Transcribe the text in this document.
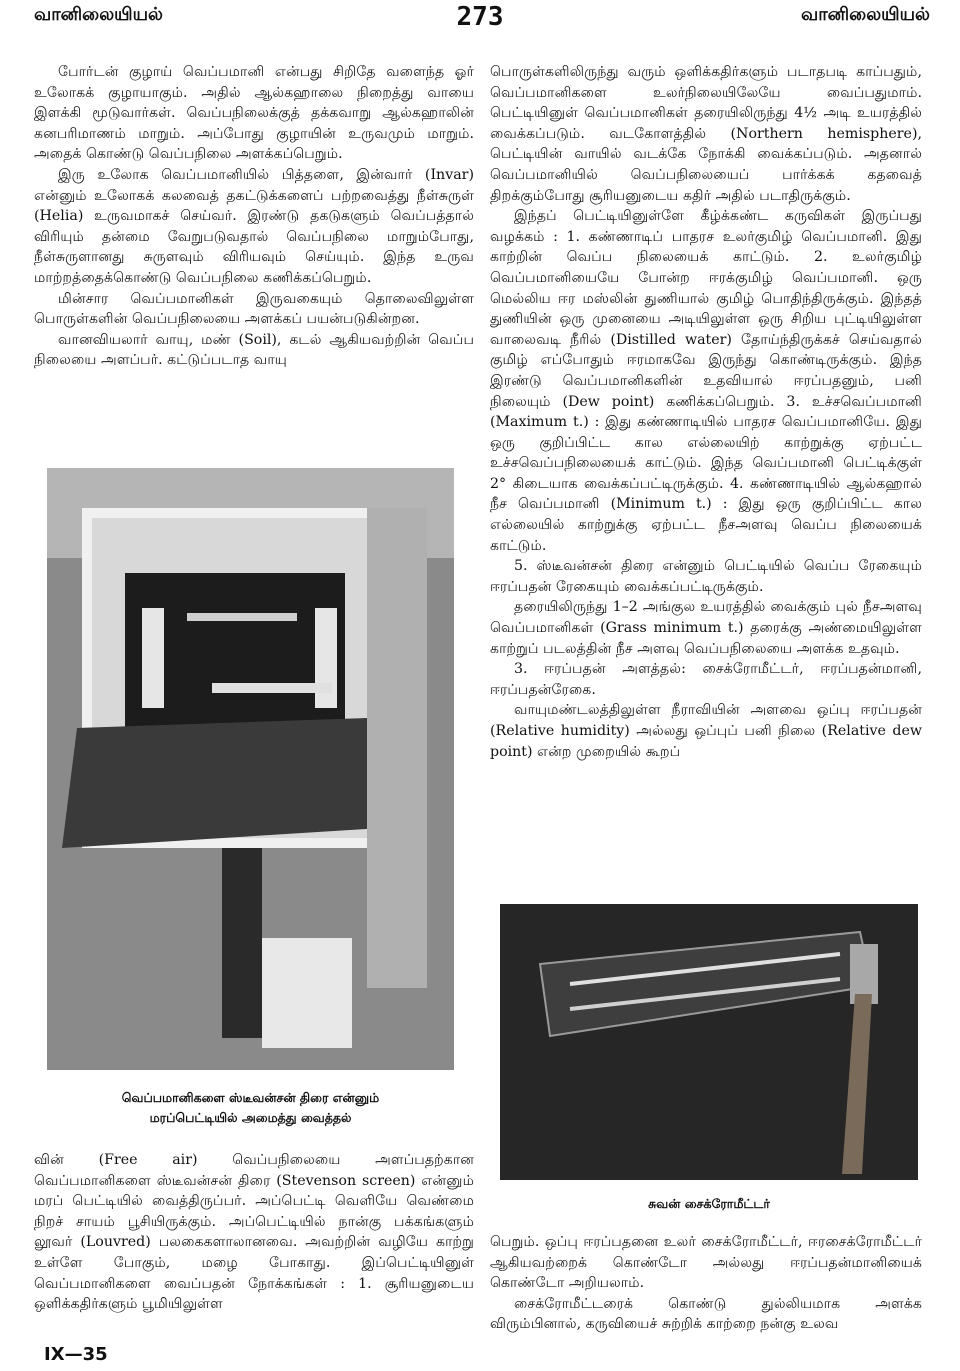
வானிலையியல்	273	வானிலையியல்

போர்டன் குழாய் வெப்பமானி என்பது சிறிதே வளைந்த ஓர் உலோகக் குழாயாகும். அதில் ஆல்கஹாலை நிறைத்து வாயை இளக்கி மூடுவார்கள். வெப்பநிலைக்குத் தக்கவாறு ஆல்கஹாலின் கனபரிமாணம் மாறும். அப்போது குழாயின் உருவமும் மாறும். அதைக் கொண்டு வெப்பநிலை அளக்கப்பெறும்.

இரு உலோக வெப்பமானியில் பித்தளை, இன்வார் (Invar) என்னும் உலோகக் கலவைத் தகட்டுக்களைப் பற்றவைத்து நீள்சுருள் (Helia) உருவமாகச் செய்வர். இரண்டு தகடுகளும் வெப்பத்தால் விரியும் தன்மை வேறுபடுவதால் வெப்பநிலை மாறும்போது, நீள்சுருளானது சுருளவும் விரியவும் செய்யும். இந்த உருவ மாற்றத்தைக்கொண்டு வெப்பநிலை கணிக்கப்பெறும்.

மின்சார வெப்பமானிகள் இருவகையும் தொலைவிலுள்ள பொருள்களின் வெப்பநிலையை அளக்கப் பயன்படுகின்றன.

வானவியலார் வாயு, மண் (Soil), கடல் ஆகியவற்றின் வெப்ப நிலையை அளப்பர். கட்டுப்படாத வாயு

வெப்பமானிகளை ஸ்டீவன்சன் திரை என்னும்
மரப்பெட்டியில் அமைத்து வைத்தல்

வின் (Free air) வெப்பநிலையை அளப்பதற்கான வெப்பமானிகளை ஸ்டீவன்சன் திரை (Stevenson screen) என்னும் மரப் பெட்டியில் வைத்திருப்பர். அப்பெட்டி வெளியே வெண்மை நிறச் சாயம் பூசியிருக்கும். அப்பெட்டியில் நான்கு பக்கங்களும் லூவர் (Louvred) பலகைகளாலானவை. அவற்றின் வழியே காற்று உள்ளே போகும், மழை போகாது. இப்பெட்டியினுள் வெப்பமானிகளை வைப்பதன் நோக்கங்கள் : 1. சூரியனுடைய ஒளிக்கதிர்களும் பூமியிலுள்ள

பொருள்களிலிருந்து வரும் ஒளிக்கதிர்களும் படாதபடி காப்பதும், வெப்பமானிகளை உலர்நிலையிலேயே வைப்பதுமாம். பெட்டியினுள் வெப்பமானிகள் தரையிலிருந்து 4½ அடி உயரத்தில் வைக்கப்படும். வடகோளத்தில் (Northern hemisphere), பெட்டியின் வாயில் வடக்கே நோக்கி வைக்கப்படும். அதனால் வெப்பமானியில் வெப்பநிலையைப் பார்க்கக் கதவைத் திறக்கும்போது சூரியனுடைய கதிர் அதில் படாதிருக்கும்.

இந்தப் பெட்டியினுள்ளே கீழ்க்கண்ட கருவிகள் இருப்பது வழக்கம் : 1. கண்ணாடிப் பாதரச உலர்குமிழ் வெப்பமானி. இது காற்றின் வெப்ப நிலையைக் காட்டும். 2. உலர்குமிழ் வெப்பமானியையே போன்ற ஈரக்குமிழ் வெப்பமானி. ஒரு மெல்லிய ஈர மஸ்லின் துணியால் குமிழ் பொதிந்திருக்கும். இந்தத் துணியின் ஒரு முனையை அடியிலுள்ள ஒரு சிறிய புட்டியிலுள்ள வாலைவடி நீரில் (Distilled water) தோய்ந்திருக்கச் செய்வதால் குமிழ் எப்போதும் ஈரமாகவே இருந்து கொண்டிருக்கும். இந்த இரண்டு வெப்பமானிகளின் உதவியால் ஈரப்பதனும், பனி நிலையும் (Dew point) கணிக்கப்பெறும். 3. உச்சவெப்பமானி (Maximum t.) : இது கண்ணாடியில் பாதரச வெப்பமானியே. இது ஒரு குறிப்பிட்ட கால எல்லையிற் காற்றுக்கு ஏற்பட்ட உச்சவெப்பநிலையைக் காட்டும். இந்த வெப்பமானி பெட்டிக்குள் 2° கிடையாக வைக்கப்பட்டிருக்கும். 4. கண்ணாடியில் ஆல்கஹால் நீச வெப்பமானி (Minimum t.) : இது ஒரு குறிப்பிட்ட கால எல்லையில் காற்றுக்கு ஏற்பட்ட நீசஅளவு வெப்ப நிலையைக் காட்டும்.

5. ஸ்டீவன்சன் திரை என்னும் பெட்டியில் வெப்ப ரேகையும் ஈரப்பதன் ரேகையும் வைக்கப்பட்டிருக்கும்.

தரையிலிருந்து 1–2 அங்குல உயரத்தில் வைக்கும் புல் நீசஅளவு வெப்பமானிகள் (Grass minimum t.) தரைக்கு அண்மையிலுள்ள காற்றுப் படலத்தின் நீச அளவு வெப்பநிலையை அளக்க உதவும்.

3. ஈரப்பதன் அளத்தல்: சைக்ரோமீட்டர், ஈரப்பதன்மானி, ஈரப்பதன்ரேகை.

வாயுமண்டலத்திலுள்ள நீராவியின் அளவை ஒப்பு ஈரப்பதன் (Relative humidity) அல்லது ஒப்புப் பனி நிலை (Relative dew point) என்ற முறையில் கூறப்

சுவன் சைக்ரோமீட்டர்

பெறும். ஒப்பு ஈரப்பதனை உலர் சைக்ரோமீட்டர், ஈரசைக்ரோமீட்டர் ஆகியவற்றைக் கொண்டோ அல்லது ஈரப்பதன்மானியைக் கொண்டோ அறியலாம்.

சைக்ரோமீட்டரைக் கொண்டு துல்லியமாக அளக்க விரும்பினால், கருவியைச் சுற்றிக் காற்றை நன்கு உலவ

IX—35
